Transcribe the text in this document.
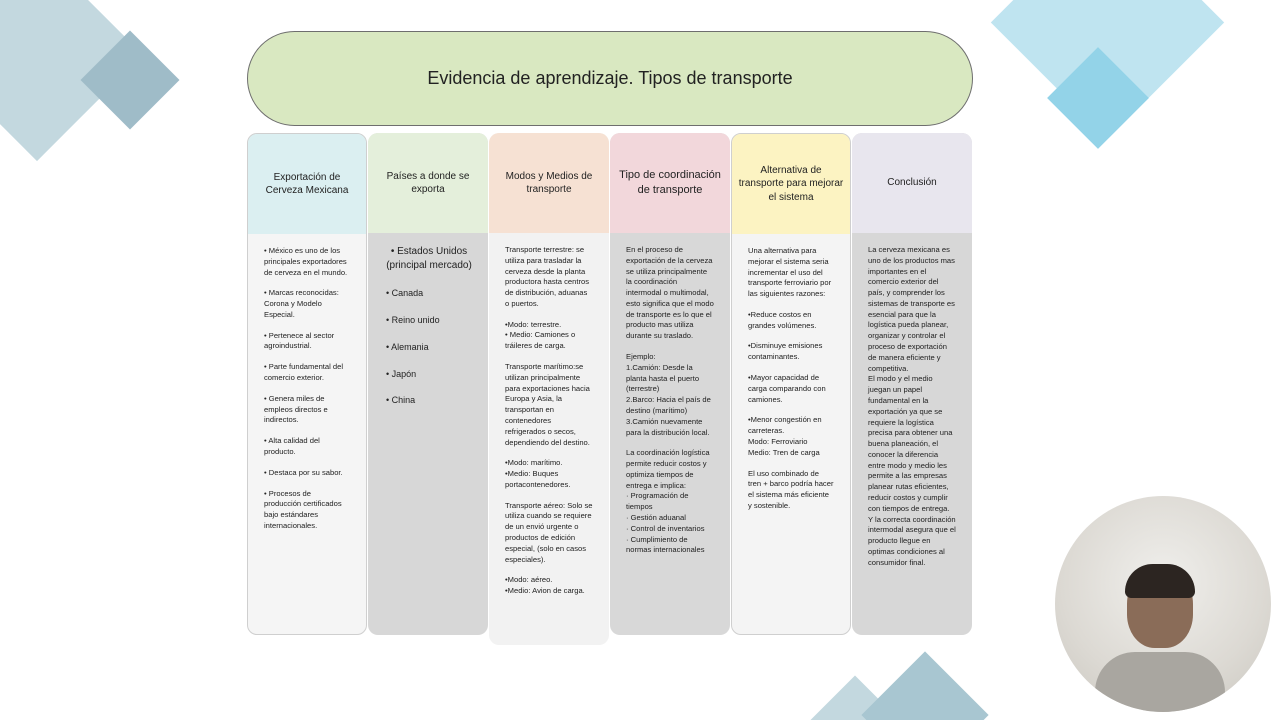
Evidencia de aprendizaje. Tipos de transporte
Exportación de Cerveza Mexicana
• México es uno de los principales exportadores de cerveza en el mundo.
• Marcas reconocidas: Corona y Modelo Especial.
• Pertenece al sector agroindustrial.
• Parte fundamental del comercio exterior.
• Genera miles de empleos directos e indirectos.
• Alta calidad del producto.
• Destaca por su sabor.
• Procesos de producción certificados bajo estándares internacionales.
Países a donde se exporta
• Estados Unidos (principal mercado)
• Canada
• Reino unido
• Alemania
• Japón
• China
Modos y Medios de transporte
Transporte terrestre: se utiliza para trasladar la cerveza desde la planta productora hasta centros de distribución, aduanas o puertos.
•Modo: terrestre.
• Medio: Camiones o tráileres de carga.
Transporte marítimo:se utilizan principalmente para exportaciones hacia Europa y Asia, la transportan en contenedores refrigerados o secos, dependiendo del destino.
•Modo: marítimo.
•Medio: Buques portacontenedores.
Transporte aéreo: Solo se utiliza cuando se requiere de un envió urgente o productos de edición especial, (solo en casos especiales).
•Modo: aéreo.
•Medio: Avion de carga.
Tipo de coordinación de transporte
En el proceso de exportación de la cerveza se utiliza principalmente la coordinación intermodal o multimodal, esto significa que el modo de transporte es lo que el producto mas utiliza durante su traslado.
Ejemplo:
1.Camión: Desde la planta hasta el puerto (terrestre)
2.Barco: Hacia el país de destino (marítimo)
3.Camión nuevamente para la distribución local.
La coordinación logística permite reducir costos y optimiza tiempos de entrega e implica:
· Programación de tiempos
· Gestión aduanal
· Control de inventarios
· Cumplimiento de normas internacionales
Alternativa de transporte para mejorar el sistema
Una alternativa para mejorar el sistema seria incrementar el uso del transporte ferroviario por las siguientes razones:
•Reduce costos en grandes volúmenes.
•Disminuye emisiones contaminantes.
•Mayor capacidad de carga comparando con camiones.
•Menor congestión en carreteras.
Modo: Ferroviario
Medio: Tren de carga
El uso combinado de tren + barco podría hacer el sistema más eficiente y sostenible.
Conclusión
La cerveza mexicana es uno de los productos mas importantes en el comercio exterior del país, y comprender los sistemas de transporte es esencial para que la logística pueda planear, organizar y controlar el proceso de exportación de manera eficiente y competitiva.
El modo y el medio juegan un papel fundamental en la exportación ya que se requiere la logística precisa para obtener una buena planeación, el conocer la diferencia entre modo y medio les permite a las empresas planear rutas eficientes, reducir costos y cumplir con tiempos de entrega.
Y la correcta coordinación intermodal asegura que el producto llegue en optimas condiciones al consumidor final.
